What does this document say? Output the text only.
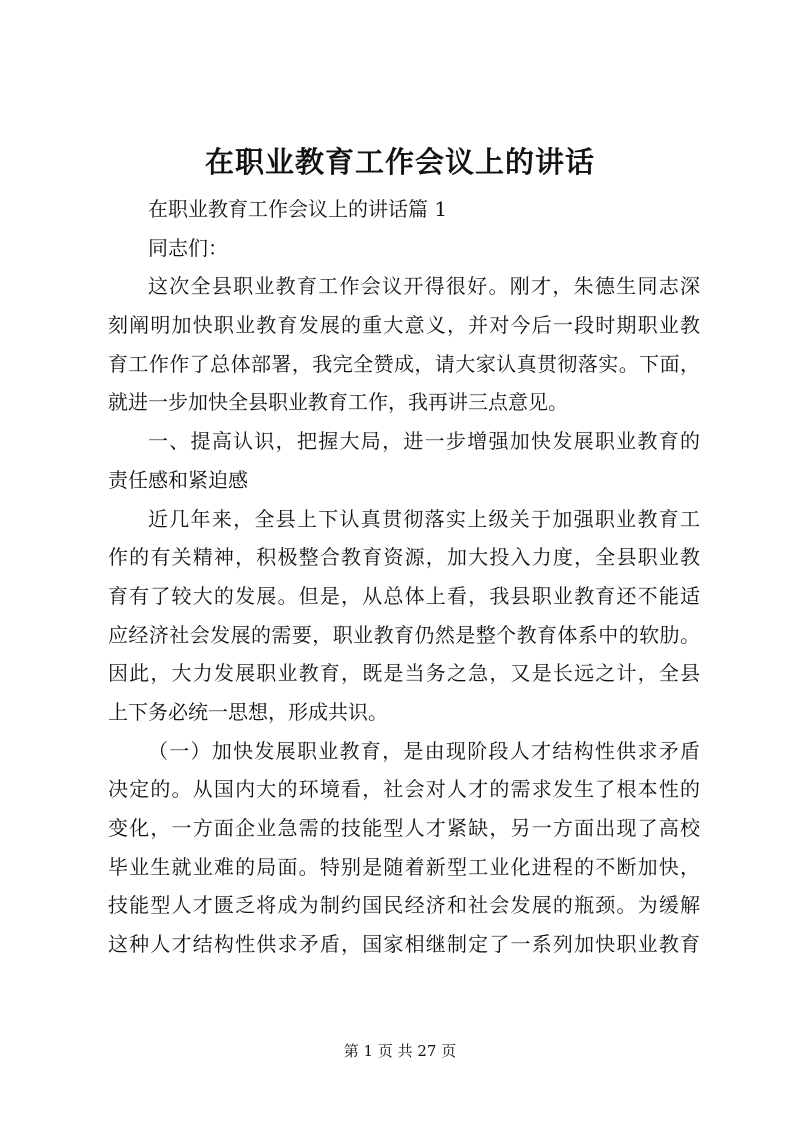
在职业教育工作会议上的讲话
在职业教育工作会议上的讲话篇 1
同志们：
这次全县职业教育工作会议开得很好。刚才，朱德生同志深
刻阐明加快职业教育发展的重大意义，并对今后一段时期职业教
育工作作了总体部署，我完全赞成，请大家认真贯彻落实。下面，
就进一步加快全县职业教育工作，我再讲三点意见。
一、提高认识，把握大局，进一步增强加快发展职业教育的
责任感和紧迫感
近几年来，全县上下认真贯彻落实上级关于加强职业教育工
作的有关精神，积极整合教育资源，加大投入力度，全县职业教
育有了较大的发展。但是，从总体上看，我县职业教育还不能适
应经济社会发展的需要，职业教育仍然是整个教育体系中的软肋。
因此，大力发展职业教育，既是当务之急，又是长远之计，全县
上下务必统一思想，形成共识。
（一）加快发展职业教育，是由现阶段人才结构性供求矛盾
决定的。从国内大的环境看，社会对人才的需求发生了根本性的
变化，一方面企业急需的技能型人才紧缺，另一方面出现了高校
毕业生就业难的局面。特别是随着新型工业化进程的不断加快，
技能型人才匮乏将成为制约国民经济和社会发展的瓶颈。为缓解
这种人才结构性供求矛盾，国家相继制定了一系列加快职业教育
第 1 页 共 27 页
